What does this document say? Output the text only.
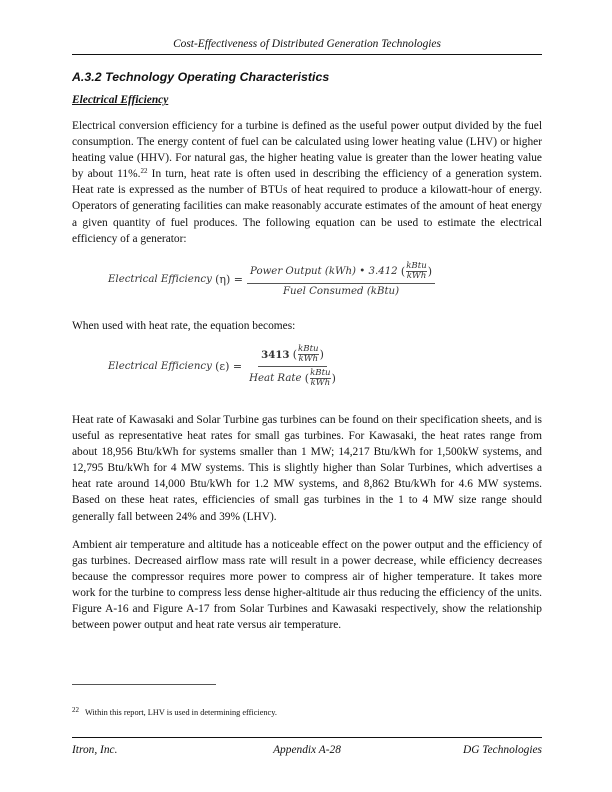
Cost-Effectiveness of Distributed Generation Technologies
A.3.2 Technology Operating Characteristics
Electrical Efficiency

Electrical conversion efficiency for a turbine is defined as the useful power output divided by the fuel consumption. The energy content of fuel can be calculated using lower heating value (LHV) or higher heating value (HHV). For natural gas, the higher heating value is greater than the lower heating value by about 11%.$^{22}$ In turn, heat rate is often used in describing the efficiency of a generation system. Heat rate is expressed as the number of BTUs of heat required to produce a kilowatt-hour of energy. Operators of generating facilities can make reasonably accurate estimates of the amount of heat energy a given quantity of fuel produces. The following equation can be used to estimate the electrical efficiency of a generator:

Electrical Efficiency
(η) = Power Output (kWh) • 3.412
( kBtu
kWh )
Fuel Consumed (kBtu)

When used with heat rate, the equation becomes:

Electrical Efficiency
(ε) = 3413
( kBtu
kWh )
Heat Rate
( kBtu
kWh )

Heat rate of Kawasaki and Solar Turbine gas turbines can be found on their specification sheets, and is useful as representative heat rates for small gas turbines. For Kawasaki, the heat rates range from about 18,956 Btu/kWh for systems smaller than 1 MW; 14,217 Btu/kWh for 1,500kW systems, and 12,795 Btu/kWh for 4 MW systems. This is slightly higher than Solar Turbines, which advertises a heat rate around 14,000 Btu/kWh for 1.2 MW systems, and 8,862 Btu/kWh for 4.6 MW systems. Based on these heat rates, efficiencies of small gas turbines in the 1 to 4 MW size range should generally fall between 24% and 39% (LHV).

Ambient air temperature and altitude has a noticeable effect on the power output and the efficiency of gas turbines. Decreased airflow mass rate will result in a power decrease, while efficiency decreases because the compressor requires more power to compress air of higher temperature. It takes more work for the turbine to compress less dense higher-altitude air thus reducing the efficiency of the units. Figure A-16 and Figure A-17 from Solar Turbines and Kawasaki respectively, show the relationship between power output and heat rate versus air temperature.

$^{22}$ Within this report, LHV is used in determining efficiency.
Itron, Inc.	Appendix A-28	DG Technologies
